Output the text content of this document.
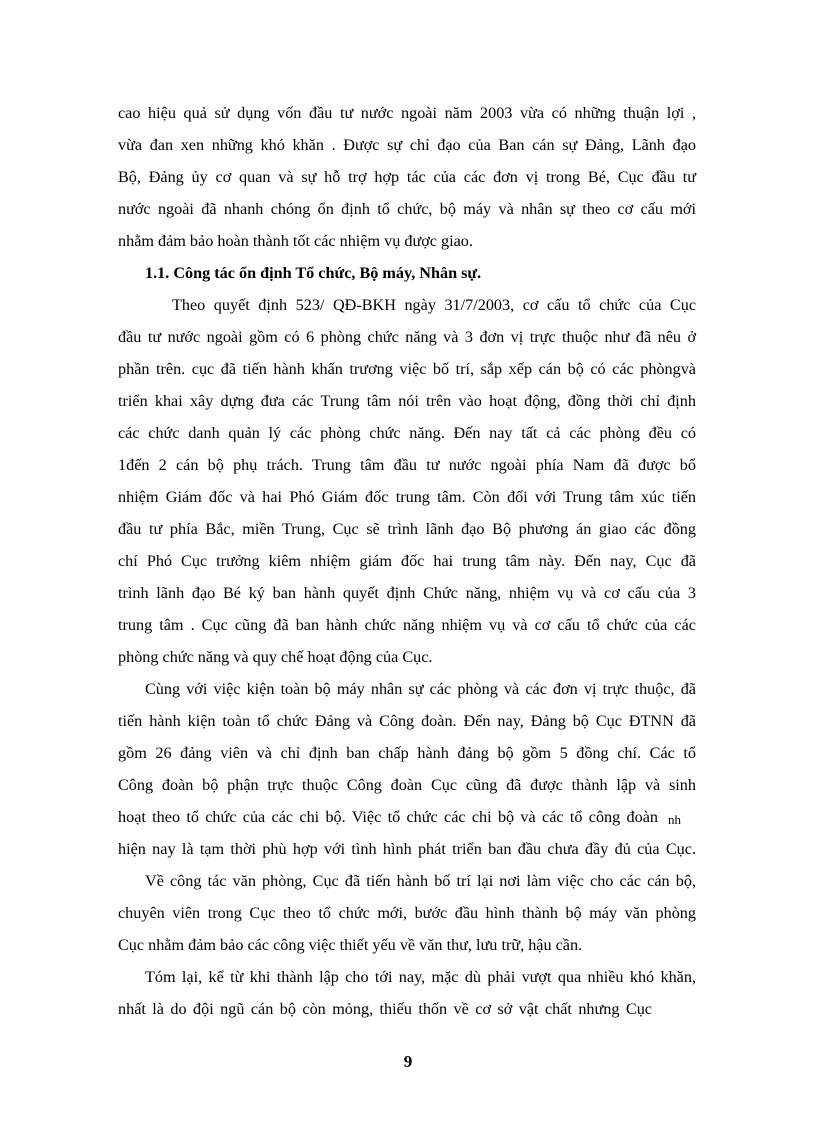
cao hiệu quả sử dụng vốn đầu tư nước ngoài năm 2003 vừa có những thuận lợi ,
vừa đan xen những khó khăn . Được sự chỉ đạo của Ban cán sự Đảng, Lãnh đạo
Bộ, Đảng ủy cơ quan và sự hỗ trợ hợp tác của các đơn vị trong Bé, Cục đầu tư
nước ngoài đã nhanh chóng ổn định tổ chức, bộ máy và nhân sự theo cơ cấu mới
nhằm đảm bảo hoàn thành tốt các nhiệm vụ được giao.
1.1. Công tác ổn định Tổ chức, Bộ máy, Nhân sự.
Theo quyết định 523/ QĐ-BKH ngày 31/7/2003, cơ cấu tổ chức của Cục
đầu tư nước ngoài gồm có 6 phòng chức năng và 3 đơn vị trực thuộc như đã nêu ở
phần trên. cục đã tiến hành khẩn trương việc bố trí, sắp xếp cán bộ có các phòngvà
triển khai xây dựng đưa các Trung tâm nói trên vào hoạt động, đồng thời chỉ định
các chức danh quản lý các phòng chức năng. Đến nay tất cả các phòng đều có
1đến 2 cán bộ phụ trách. Trung tâm đầu tư nước ngoài phía Nam đã được bổ
nhiệm Giám đốc và hai Phó Giám đốc trung tâm. Còn đối với Trung tâm xúc tiến
đầu tư phía Bắc, miền Trung, Cục sẽ trình lãnh đạo Bộ phương án giao các đồng
chí Phó Cục trưởng kiêm nhiệm giám đốc hai trung tâm này. Đến nay, Cục đã
trình lãnh đạo Bé ký ban hành quyết định Chức năng, nhiệm vụ và cơ cấu của 3
trung tâm . Cục cũng đã ban hành chức năng nhiệm vụ và cơ cấu tổ chức của các
phòng chức năng và quy chế hoạt động của Cục.
Cùng với việc kiện toàn bộ máy nhân sự các phòng và các đơn vị trực thuộc, đã
tiến hành kiện toàn tổ chức Đảng và Công đoàn. Đến nay, Đảng bộ Cục ĐTNN đã
gồm 26 đảng viên và chỉ định ban chấp hành đảng bộ gồm 5 đồng chí. Các tổ
Công đoàn bộ phận trực thuộc Công đoàn Cục cũng đã được thành lập và sinh
hoạt theo tổ chức của các chi bộ. Việc tổ chức các chi bộ và các tổ công đoàn nh
hiện nay là tạm thời phù hợp với tình hình phát triển ban đầu chưa đầy đủ của Cục.
Về công tác văn phòng, Cục đã tiến hành bố trí lại nơi làm việc cho các cán bộ,
chuyên viên trong Cục theo tổ chức mới, bước đầu hình thành bộ máy văn phòng
Cục nhằm đảm bảo các công việc thiết yếu về văn thư, lưu trữ, hậu cần.
Tóm lại, kể từ khi thành lập cho tới nay, mặc dù phải vượt qua nhiều khó khăn,
nhất là do đội ngũ cán bộ còn mỏng, thiếu thốn về cơ sở vật chất nhưng Cục
9
